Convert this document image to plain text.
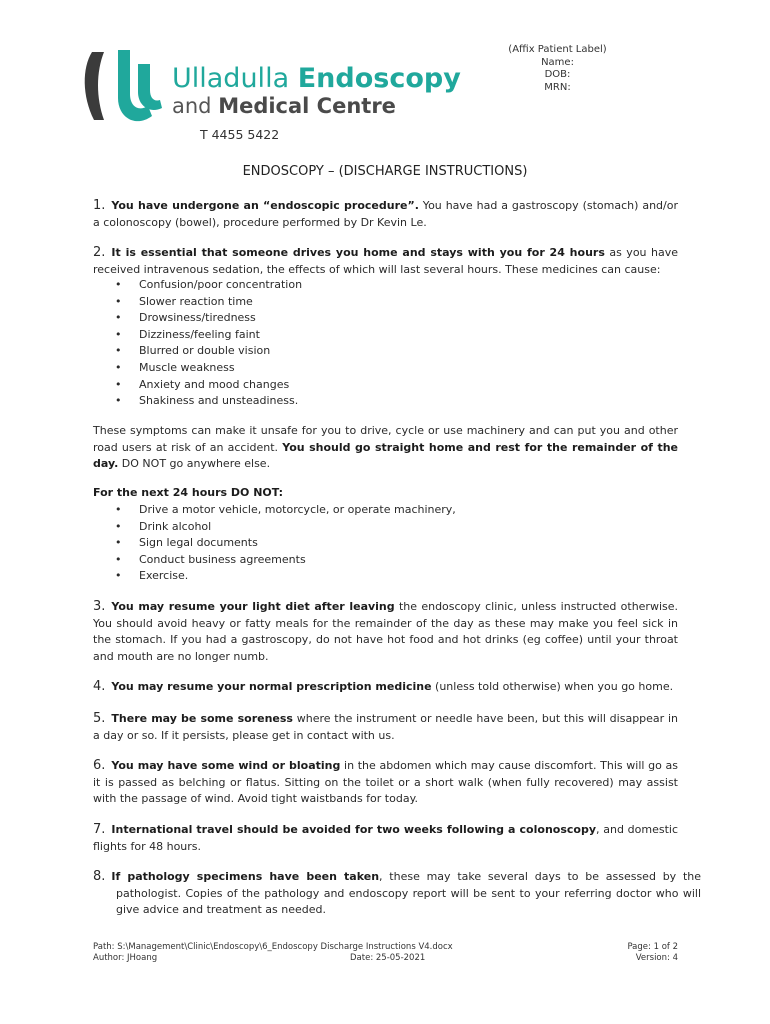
Ulladulla Endoscopy
and Medical Centre
T 4455 5422
(Affix Patient Label)
Name:
DOB:
MRN:
ENDOSCOPY – (DISCHARGE INSTRUCTIONS)
1. You have undergone an “endoscopic procedure”. You have had a gastroscopy (stomach) and/or a colonoscopy (bowel), procedure performed by Dr Kevin Le.
2. It is essential that someone drives you home and stays with you for 24 hours as you have received intravenous sedation, the effects of which will last several hours. These medicines can cause:
• Confusion/poor concentration
• Slower reaction time
• Drowsiness/tiredness
• Dizziness/feeling faint
• Blurred or double vision
• Muscle weakness
• Anxiety and mood changes
• Shakiness and unsteadiness.
These symptoms can make it unsafe for you to drive, cycle or use machinery and can put you and other road users at risk of an accident. You should go straight home and rest for the remainder of the day. DO NOT go anywhere else.
For the next 24 hours DO NOT:
• Drive a motor vehicle, motorcycle, or operate machinery,
• Drink alcohol
• Sign legal documents
• Conduct business agreements
• Exercise.
3. You may resume your light diet after leaving the endoscopy clinic, unless instructed otherwise. You should avoid heavy or fatty meals for the remainder of the day as these may make you feel sick in the stomach. If you had a gastroscopy, do not have hot food and hot drinks (eg coffee) until your throat and mouth are no longer numb.
4. You may resume your normal prescription medicine (unless told otherwise) when you go home.
5. There may be some soreness where the instrument or needle have been, but this will disappear in a day or so. If it persists, please get in contact with us.
6. You may have some wind or bloating in the abdomen which may cause discomfort. This will go as it is passed as belching or flatus. Sitting on the toilet or a short walk (when fully recovered) may assist with the passage of wind. Avoid tight waistbands for today.
7. International travel should be avoided for two weeks following a colonoscopy, and domestic flights for 48 hours.
8. If pathology specimens have been taken, these may take several days to be assessed by the pathologist. Copies of the pathology and endoscopy report will be sent to your referring doctor who will give advice and treatment as needed.
Path: S:\Management\Clinic\Endoscopy\6_Endoscopy Discharge Instructions V4.docx
Author: JHoang	Date: 25-05-2021
Page: 1 of 2
Version: 4
